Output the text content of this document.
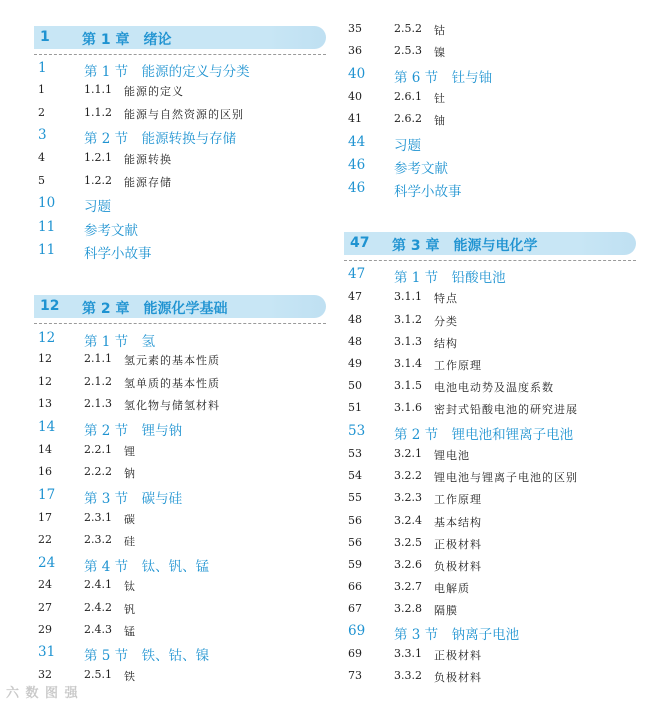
1 第 1 章　绪论
1	第 1 节　能源的定义与分类
1	1.1.1 能源的定义
2	1.1.2 能源与自然资源的区别
3	第 2 节　能源转换与存储
4	1.2.1 能源转换
5	1.2.2 能源存储
10 习题
11 参考文献
11 科学小故事
12 第 2 章　能源化学基础
12 第 1 节　氢
12	2.1.1 氢元素的基本性质
12	2.1.2 氢单质的基本性质
13	2.1.3 氢化物与储氢材料
14 第 2 节　锂与钠
14	2.2.1 锂
16	2.2.2 钠
17 第 3 节　碳与硅
17	2.3.1 碳
22	2.3.2 硅
24 第 4 节　钛、钒、锰
24	2.4.1 钛
27	2.4.2 钒
29	2.4.3 锰
31 第 5 节　铁、钴、镍
32	2.5.1 铁
35	2.5.2 钴
36	2.5.3 镍
40 第 6 节　钍与铀
40	2.6.1 钍
41	2.6.2 铀
44 习题
46 参考文献
46 科学小故事
47 第 3 章　能源与电化学
47 第 1 节　铅酸电池
47	3.1.1 特点
48	3.1.2 分类
48	3.1.3 结构
49	3.1.4 工作原理
50	3.1.5 电池电动势及温度系数
51	3.1.6 密封式铅酸电池的研究进展
53 第 2 节　锂电池和锂离子电池
53	3.2.1 锂电池
54	3.2.2 锂电池与锂离子电池的区别
55	3.2.3 工作原理
56	3.2.4 基本结构
56	3.2.5 正极材料
59	3.2.6 负极材料
66	3.2.7 电解质
67	3.2.8 隔膜
69 第 3 节　钠离子电池
69	3.3.1 正极材料
73	3.3.2 负极材料
六 数 图 强
